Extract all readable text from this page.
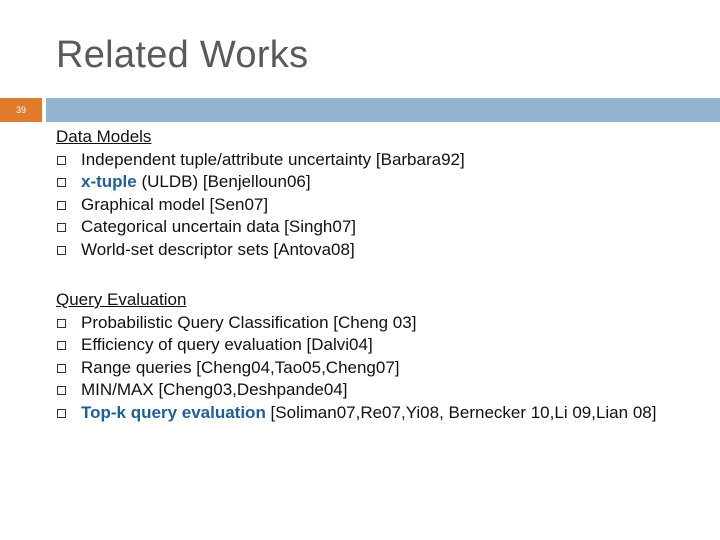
Related Works
39
Data Models
Independent tuple/attribute uncertainty [Barbara92]
x-tuple (ULDB) [Benjelloun06]
Graphical model [Sen07]
Categorical uncertain data [Singh07]
World-set descriptor sets [Antova08]
Query Evaluation
Probabilistic Query Classification [Cheng 03]
Efficiency of query evaluation [Dalvi04]
Range queries [Cheng04,Tao05,Cheng07]
MIN/MAX [Cheng03,Deshpande04]
Top-k query evaluation [Soliman07,Re07,Yi08, Bernecker 10,Li 09,Lian 08]
